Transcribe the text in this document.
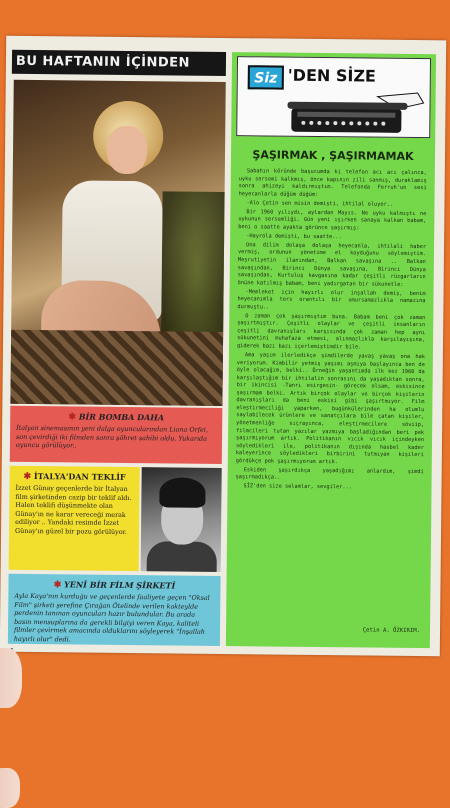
BU HAFTANIN İÇİNDEN
✱ BİR BOMBA DAHA
İtalyan sinemasının yeni dalga oyuncularından Liana Orfei, son çevirdiği iki filmden sonra şöhret sahibi oldu. Yukarıda oyuncu görülüyor..
✱ İTALYA'DAN TEKLİF
İzzet Günay geçenlerde bir İtalyan film şirketinden cazip bir teklif aldı. Halen teklifi düşünmekte olan Günay'ın ne karar vereceği merak ediliyor .. Yandaki resimde İzzet Günay'ın güzel bir pozu görülüyor.
✱ YENİ BİR FİLM ŞİRKETİ
Ayla Kaya'nın kurduğu ve geçenlerde faaliyete geçen "Oksal Film" şirketi şerefine Çırağan Ötelinde verilen kokteylde perdenin tanınan oyuncuları hazır bulundular. Bu arada basın mensuplarına da gerekli bilgiyi veren Kaya, kaliteli filmler çevirmek amacında olduklarını söyleyerek "İnşallah hayırlı olur" dedi.
Siz 'DEN SİZE
ŞAŞIRMAK , ŞAŞIRMAMAK

Sabahın köründe başucumda ki telefon acı acı çalınca, uyku sersemi kalkmış, önce kapının zili sanmış, duraklamış sonra ahizeyi kaldırmıştım. Telefonda Ferruh'un sesi heyecanlarla düğüm düğüm:

-Alo Çetin sen misin demişti, ihtilal oluyor..

Bir 1960 yılıydı, aylardan Mayıs. Ne uyku kalmıştı ne uykunun sersemliği. Gün yeni ışırken sanaya kalkan babam, beni o saatte ayakta görünce şaşırmış:

-Hayrola demişti, bu saatte...

Ona dilim dolaşa dolaşa heyecanla, ihtilali haber vermiş, ordunun yönetime el koyduğunu söylemiştim. Meşrutiyetin ilanından, Balkan savaşına .. Balkan savaşından, Birinci Dünya savaşına, Birinci Dünya savaşından, Kurtuluş kavgasına kadar çeşitli rüzgarların önüne katılmış babam, beni yadırgatan bir sükunetle:

-Memleket için hayırlı olur inşallah demiş, benim heyecanımla ters orantılı bir umursamazlıkla namazına durmuştu..

O zaman çok şaşırmıştım buna. Babam beni çok zaman şaşırtmıştır. Çeşitli olaylar ve çeşitli insanların çeşitli davranışları karşısında çok zaman hep aynı sükunetini muhafaza etmesi, alınmazlıkla karşılayışına, giderek bazı bazı içerlemiştimdir bile.

Ama yaşım ilerledikçe şimdilerde yavaş yavaş ona hak veriyorum. Kimbilir yetmiş yaşımı aşmıya başlayınca ben de öyle olacağım, belki.. Örneğin yaşantımda ilk kez 1960 da karşılaştığım bir ihtilalin sonrasını da yaşadıktan sonra, bir ikincisi -Tanrı esirgesin- görecek olsam, eskisince şaşırmam belki. Artık birçok olaylar ve birçok kişilerin davranışları da beni eskisi gibi şaşırtmıyor. Film eleştirmeciliği yaparken, bugünkülerinden ha olumlu saylabilecek ürünlere ve sanatçılara bile çatan kişiler, yönetmenliğe sıçrayınca, eleştirmecilere söviip, filmcileri tutan yazılar yazmıya başladığından beri pek şaşırmıyorum artık. Politikanın vıcık vıcık içindeyken söyledikleri ile, politikanın dışında hasbel kader kaleyerince söyledikleri birbirini tutmıyan kişileri gördükçe pek şaşırmıyorum artık.

Eskiden şaşırdıkça yaşadığımı anlardım, şimdi şaşırmadıkça..

SİZ'den size selamlar, sevgiler...

Çetin A. ÖZKIRIM.
